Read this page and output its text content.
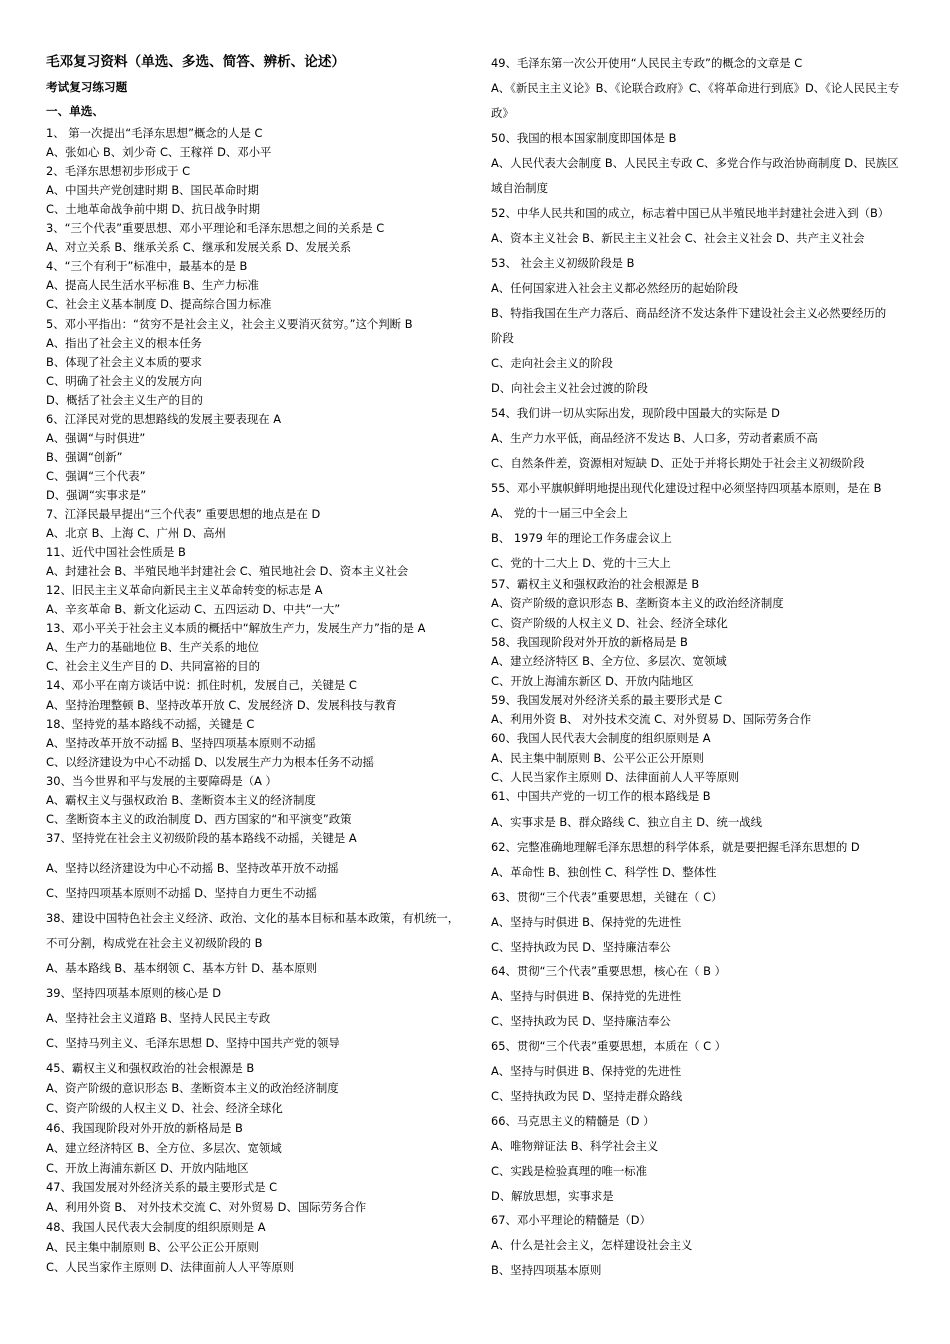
毛邓复习资料（单选、多选、简答、辨析、论述）
考试复习练习题
一、单选、
1、 第一次提出“毛泽东思想”概念的人是 C
A、张如心 B、刘少奇 C、王稼祥 D、邓小平
2、毛泽东思想初步形成于 C
A、中国共产党创建时期 B、国民革命时期
C、土地革命战争前中期 D、抗日战争时期
3、“三个代表”重要思想、邓小平理论和毛泽东思想之间的关系是 C
A、对立关系 B、继承关系 C、继承和发展关系 D、发展关系
4、“三个有利于”标准中，最基本的是 B
A、提高人民生活水平标准 B、生产力标准
C、社会主义基本制度 D、提高综合国力标准
5、邓小平指出：“贫穷不是社会主义，社会主义要消灭贫穷。”这个判断 B
A、指出了社会主义的根本任务
B、体现了社会主义本质的要求
C、明确了社会主义的发展方向
D、概括了社会主义生产的目的
6、江泽民对党的思想路线的发展主要表现在 A
A、强调“与时俱进”
B、强调“创新”
C、强调“三个代表”
D、强调“实事求是”
7、江泽民最早提出“三个代表” 重要思想的地点是在 D
A、北京 B、上海 C、广州 D、高州
11、近代中国社会性质是 B
A、封建社会 B、半殖民地半封建社会 C、殖民地社会 D、资本主义社会
12、旧民主主义革命向新民主主义革命转变的标志是 A
A、辛亥革命 B、新文化运动 C、五四运动 D、中共“一大”
13、邓小平关于社会主义本质的概括中“解放生产力，发展生产力”指的是 A
A、生产力的基础地位 B、生产关系的地位
C、社会主义生产目的 D、共同富裕的目的
14、邓小平在南方谈话中说：抓住时机，发展自己，关键是 C
A、坚持治理整顿 B、坚持改革开放 C、发展经济 D、发展科技与教育
18、坚持党的基本路线不动摇，关键是 C
A、坚持改革开放不动摇 B、坚持四项基本原则不动摇
C、以经济建设为中心不动摇 D、以发展生产力为根本任务不动摇
30、当今世界和平与发展的主要障碍是（A ）
A、霸权主义与强权政治 B、垄断资本主义的经济制度
C、垄断资本主义的政治制度 D、西方国家的“和平演变”政策
37、坚持党在社会主义初级阶段的基本路线不动摇，关键是 A
A、坚持以经济建设为中心不动摇 B、坚持改革开放不动摇
C、坚持四项基本原则不动摇 D、坚持自力更生不动摇
38、建设中国特色社会主义经济、政治、文化的基本目标和基本政策，有机统一，
不可分割，构成党在社会主义初级阶段的 B
A、基本路线 B、基本纲领 C、基本方针 D、基本原则
39、坚持四项基本原则的核心是 D
A、坚持社会主义道路 B、坚持人民民主专政
C、坚持马列主义、毛泽东思想 D、坚持中国共产党的领导
45、霸权主义和强权政治的社会根源是 B
A、资产阶级的意识形态 B、垄断资本主义的政治经济制度
C、资产阶级的人权主义 D、社会、经济全球化
46、我国现阶段对外开放的新格局是 B
A、建立经济特区 B、全方位、多层次、宽领域
C、开放上海浦东新区 D、开放内陆地区
47、我国发展对外经济关系的最主要形式是 C
A、利用外资 B、 对外技术交流 C、对外贸易 D、国际劳务合作
48、我国人民代表大会制度的组织原则是 A
A、民主集中制原则 B、公平公正公开原则
C、人民当家作主原则 D、法律面前人人平等原则
49、毛泽东第一次公开使用“人民民主专政”的概念的文章是 C
A、《新民主主义论》B、《论联合政府》C、《将革命进行到底》D、《论人民民主专
政》
50、我国的根本国家制度即国体是 B
A、人民代表大会制度 B、人民民主专政 C、多党合作与政治协商制度 D、民族区
域自治制度
52、中华人民共和国的成立，标志着中国已从半殖民地半封建社会进入到（B）
A、资本主义社会 B、新民主主义社会 C、社会主义社会 D、共产主义社会
53、 社会主义初级阶段是 B
A、任何国家进入社会主义都必然经历的起始阶段
B、特指我国在生产力落后、商品经济不发达条件下建设社会主义必然要经历的
阶段
C、走向社会主义的阶段
D、向社会主义社会过渡的阶段
54、我们讲一切从实际出发，现阶段中国最大的实际是 D
A、生产力水平低，商品经济不发达 B、人口多，劳动者素质不高
C、自然条件差，资源相对短缺 D、正处于并将长期处于社会主义初级阶段
55、邓小平旗帜鲜明地提出现代化建设过程中必须坚持四项基本原则，是在 B
A、 党的十一届三中全会上
B、 1979 年的理论工作务虚会议上
C、党的十二大上 D、党的十三大上
57、霸权主义和强权政治的社会根源是 B
A、资产阶级的意识形态 B、垄断资本主义的政治经济制度
C、资产阶级的人权主义 D、社会、经济全球化
58、我国现阶段对外开放的新格局是 B
A、建立经济特区 B、全方位、多层次、宽领域
C、开放上海浦东新区 D、开放内陆地区
59、我国发展对外经济关系的最主要形式是 C
A、利用外资 B、 对外技术交流 C、对外贸易 D、国际劳务合作
60、我国人民代表大会制度的组织原则是 A
A、民主集中制原则 B、公平公正公开原则
C、人民当家作主原则 D、法律面前人人平等原则
61、中国共产党的一切工作的根本路线是 B
A、实事求是 B、群众路线 C、独立自主 D、统一战线
62、完整准确地理解毛泽东思想的科学体系，就是要把握毛泽东思想的 D
A、革命性 B、独创性 C、科学性 D、整体性
63、贯彻“三个代表”重要思想，关键在（ C）
A、坚持与时俱进 B、保持党的先进性
C、坚持执政为民 D、坚持廉洁奉公
64、贯彻“三个代表”重要思想，核心在（ B ）
A、坚持与时俱进 B、保持党的先进性
C、坚持执政为民 D、坚持廉洁奉公
65、贯彻“三个代表”重要思想，本质在（ C ）
A、坚持与时俱进 B、保持党的先进性
C、坚持执政为民 D、坚持走群众路线
66、马克思主义的精髓是（D ）
A、唯物辩证法 B、科学社会主义
C、实践是检验真理的唯一标准
D、解放思想，实事求是
67、邓小平理论的精髓是（D）
A、什么是社会主义，怎样建设社会主义
B、坚持四项基本原则
